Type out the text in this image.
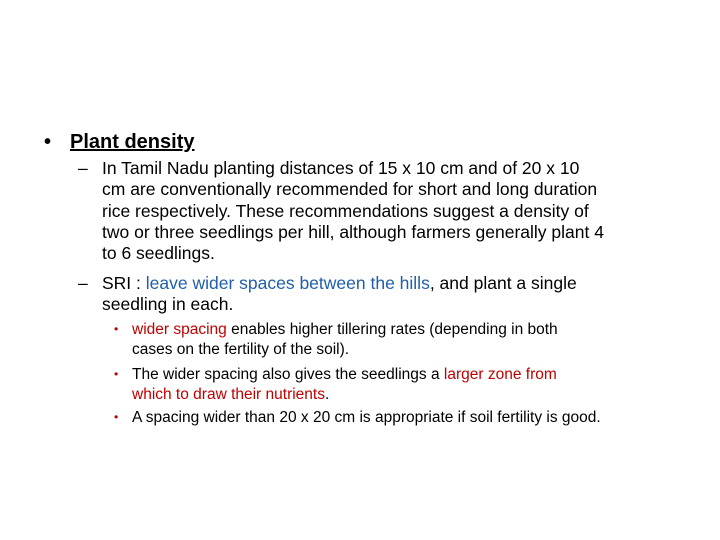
• Plant density
– In Tamil Nadu planting distances of 15 x 10 cm and of 20 x 10
cm are conventionally recommended for short and long duration
rice respectively. These recommendations suggest a density of
two or three seedlings per hill, although farmers generally plant 4
to 6 seedlings.
– SRI : leave wider spaces between the hills, and plant a single
seedling in each.
• wider spacing enables higher tillering rates (depending in both
cases on the fertility of the soil).
• The wider spacing also gives the seedlings a larger zone from
which to draw their nutrients.
• A spacing wider than 20 x 20 cm is appropriate if soil fertility is good.
